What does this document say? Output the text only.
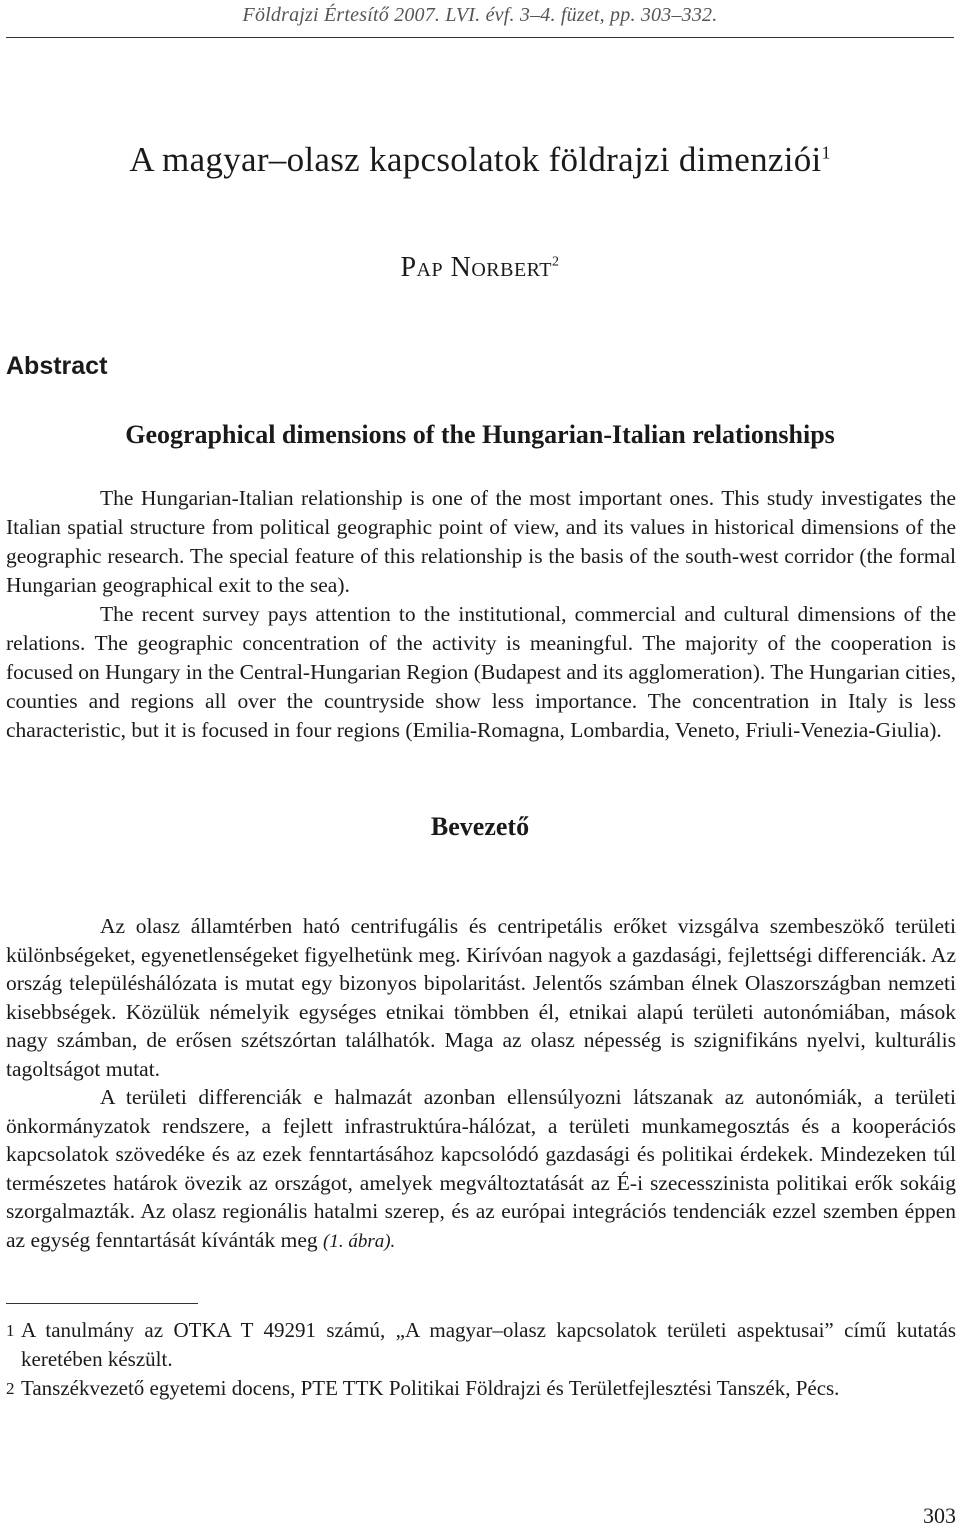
Földrajzi Értesítő 2007. LVI. évf. 3–4. füzet, pp. 303–332.
A magyar–olasz kapcsolatok földrajzi dimenziói$^1$
Pap Norbert$^2$
Abstract
Geographical dimensions of the Hungarian-Italian relationships

The Hungarian-Italian relationship is one of the most important ones. This study investigates the Italian spatial structure from political geographic point of view, and its values in historical dimensions of the geographic research. The special feature of this relationship is the basis of the south-west corridor (the formal Hungarian geographical exit to the sea).

The recent survey pays attention to the institutional, commercial and cultural dimensions of the relations. The geographic concentration of the activity is meaningful. The majority of the cooperation is focused on Hungary in the Central-Hungarian Region (Budapest and its agglomeration). The Hungarian cities, counties and regions all over the countryside show less importance. The concentration in Italy is less characteristic, but it is focused in four regions (Emilia-Romagna, Lombardia, Veneto, Friuli-Venezia-Giulia).

Bevezető

Az olasz államtérben ható centrifugális és centripetális erőket vizsgálva szembeszökő területi különbségeket, egyenetlenségeket figyelhetünk meg. Kirívóan nagyok a gazdasági, fejlettségi differenciák. Az ország településhálózata is mutat egy bizonyos bipolaritást. Jelentős számban élnek Olaszországban nemzeti kisebbségek. Közülük némelyik egységes etnikai tömbben él, etnikai alapú területi autonómiában, mások nagy számban, de erősen szétszórtan találhatók. Maga az olasz népesség is szignifikáns nyelvi, kulturális tagoltságot mutat.

A területi differenciák e halmazát azonban ellensúlyozni látszanak az autonómiák, a területi önkormányzatok rendszere, a fejlett infrastruktúra-hálózat, a területi munkamegosztás és a kooperációs kapcsolatok szövedéke és az ezek fenntartásához kapcsolódó gazdasági és politikai érdekek. Mindezeken túl természetes határok övezik az országot, amelyek megváltoztatását az É-i szecesszinista politikai erők sokáig szorgalmazták. Az olasz regionális hatalmi szerep, és az európai integrációs tendenciák ezzel szemben éppen az egység fenntartását kívánták meg (1. ábra).

1 A tanulmány az OTKA T 49291 számú, „A magyar–olasz kapcsolatok területi aspektusai” című kutatás keretében készült.
2 Tanszékvezető egyetemi docens, PTE TTK Politikai Földrajzi és Területfejlesztési Tanszék, Pécs.
303
